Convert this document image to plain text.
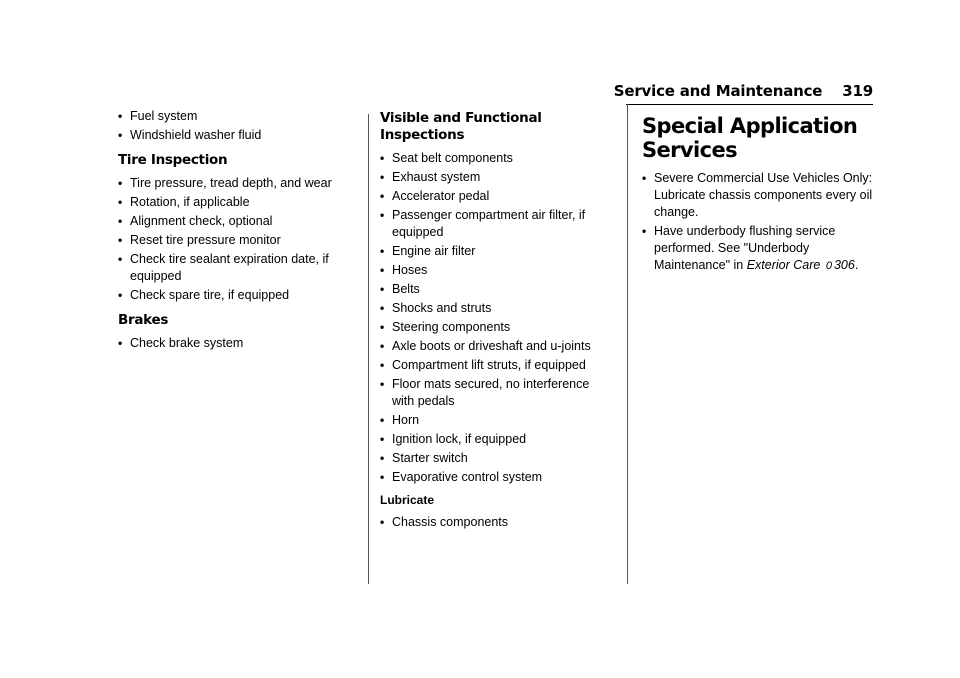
Service and Maintenance 319
• Fuel system
• Windshield washer fluid
Tire Inspection
• Tire pressure, tread depth, and wear
• Rotation, if applicable
• Alignment check, optional
• Reset tire pressure monitor
• Check tire sealant expiration date, if equipped
• Check spare tire, if equipped
Brakes
• Check brake system
Visible and Functional Inspections
• Seat belt components
• Exhaust system
• Accelerator pedal
• Passenger compartment air filter, if equipped
• Engine air filter
• Hoses
• Belts
• Shocks and struts
• Steering components
• Axle boots or driveshaft and u-joints
• Compartment lift struts, if equipped
• Floor mats secured, no interference with pedals
• Horn
• Ignition lock, if equipped
• Starter switch
• Evaporative control system
Lubricate
• Chassis components
Special Application Services
• Severe Commercial Use Vehicles Only: Lubricate chassis components every oil change.
• Have underbody flushing service performed. See "Underbody Maintenance" in Exterior Care 0 306.
